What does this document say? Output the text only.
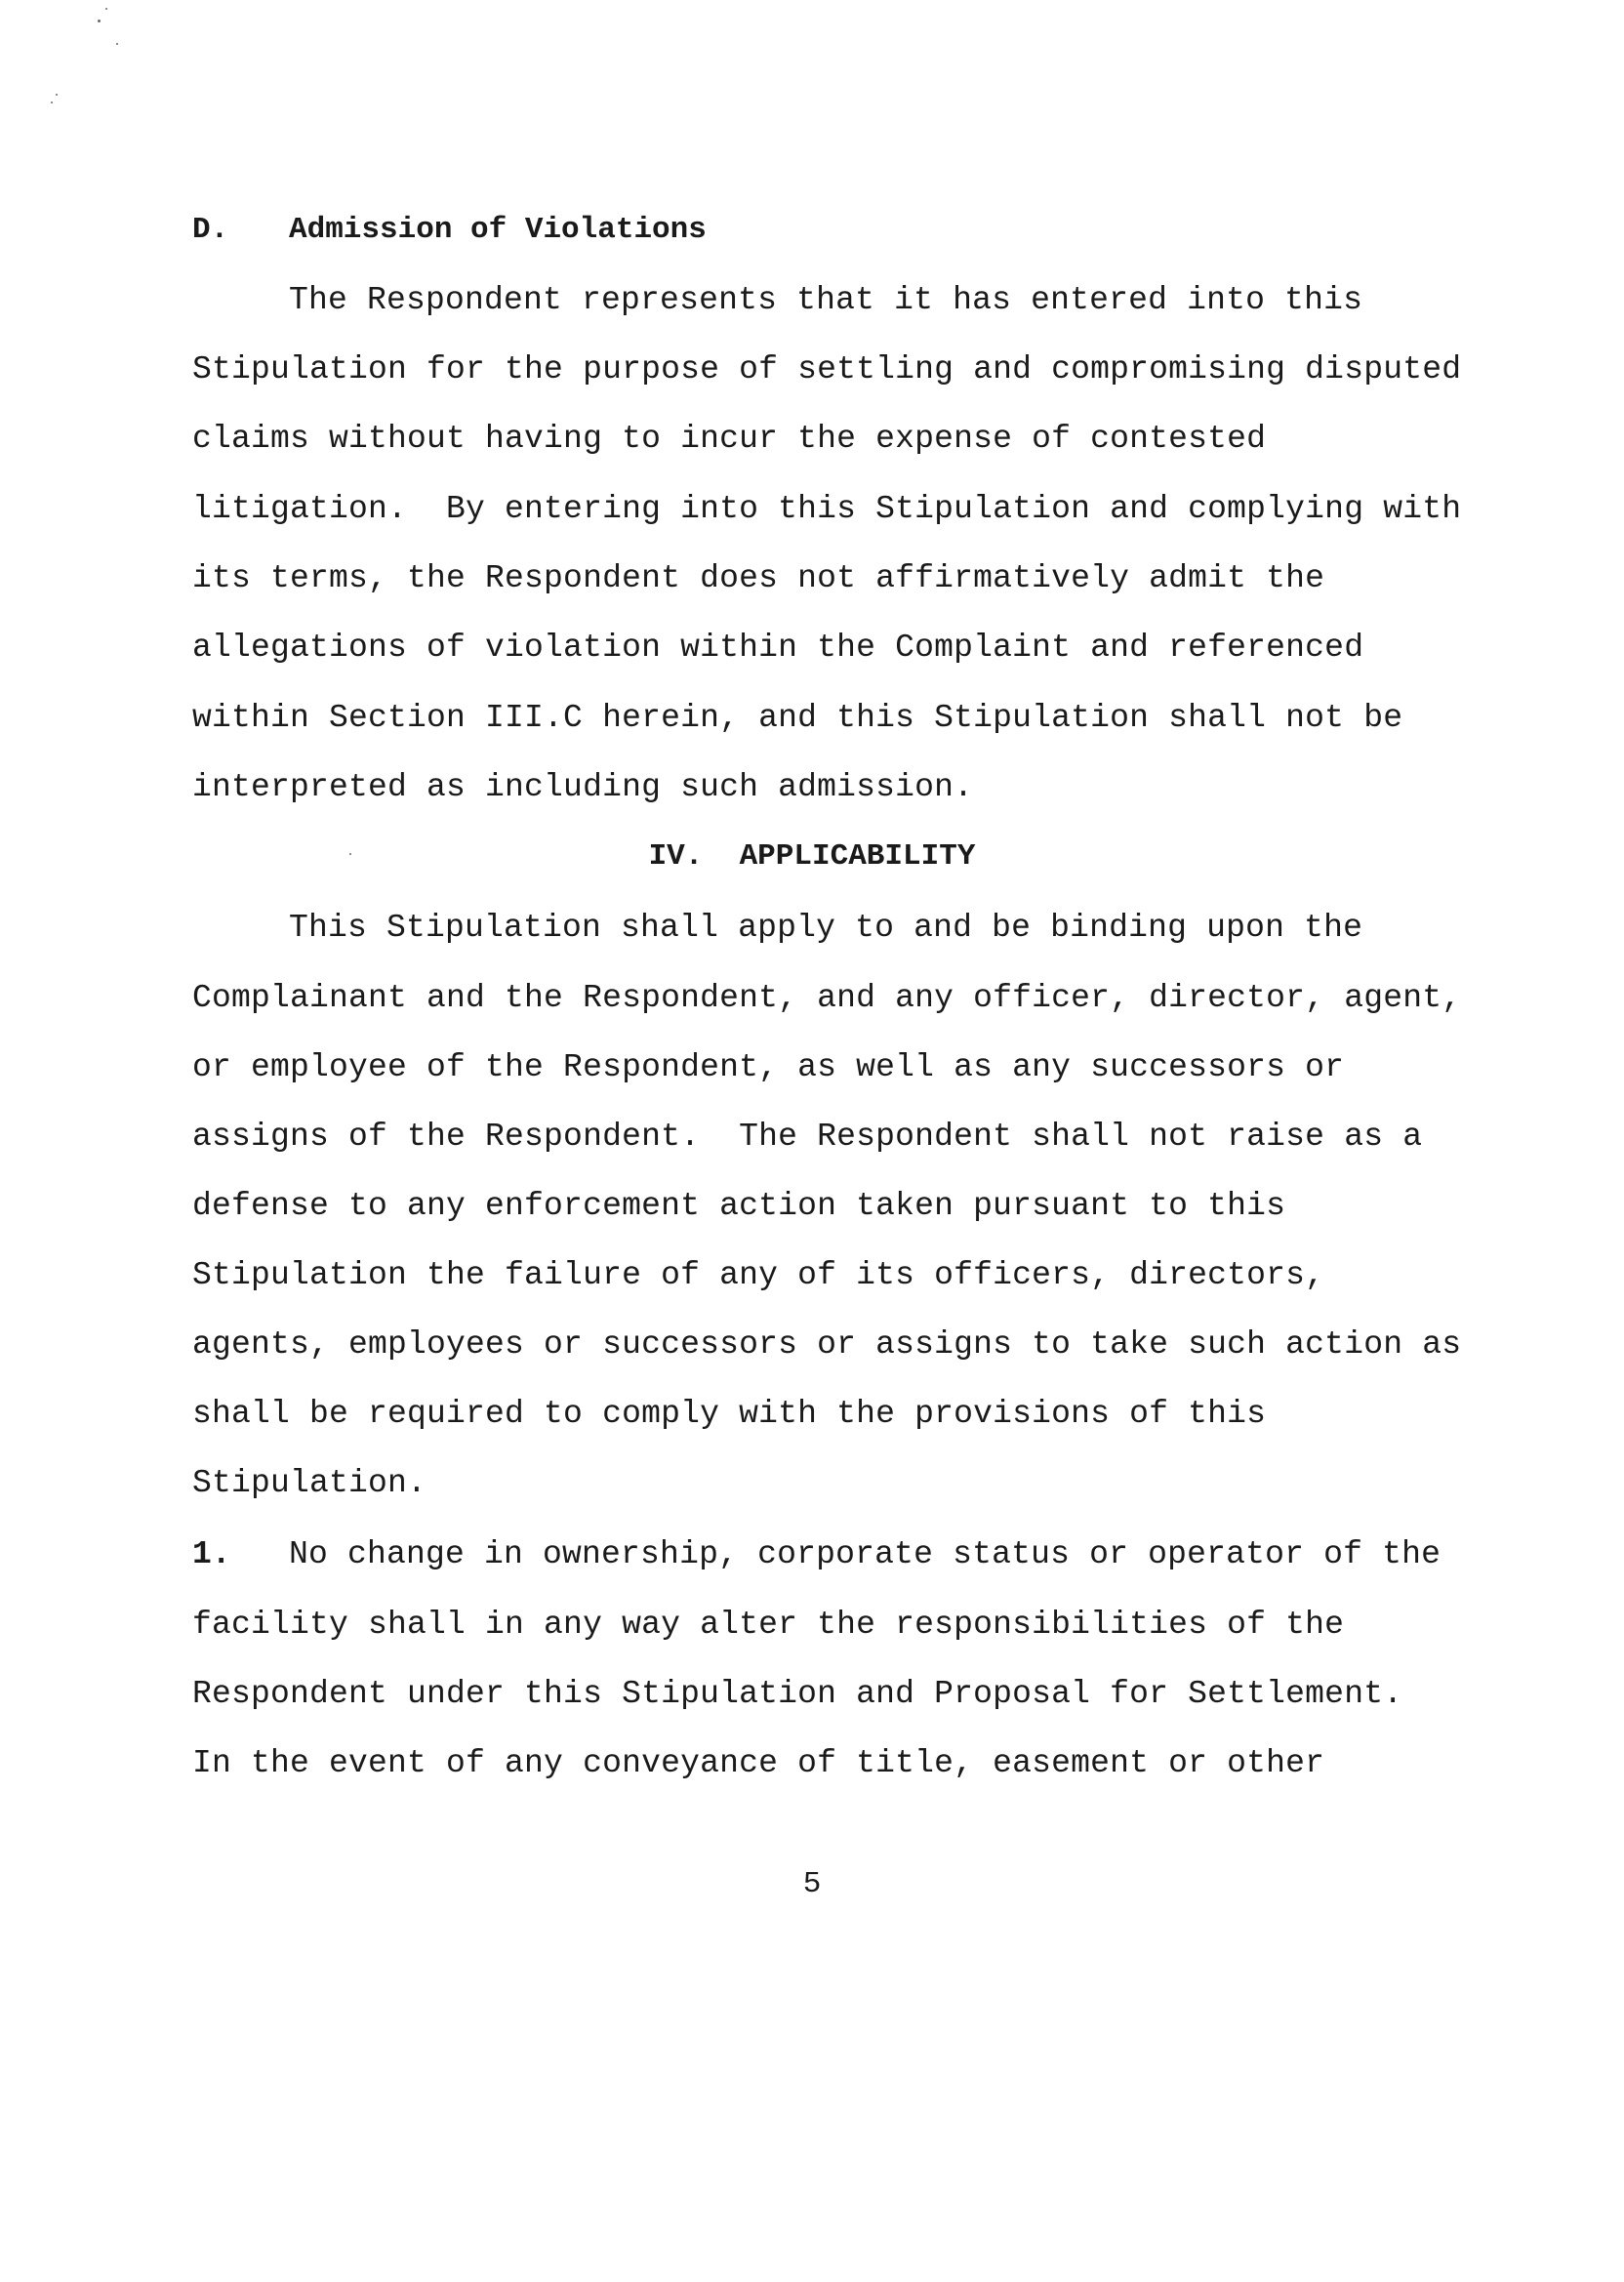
D. Admission of Violations
The Respondent represents that it has entered into this
Stipulation for the purpose of settling and compromising disputed
claims without having to incur the expense of contested
litigation.  By entering into this Stipulation and complying with
its terms, the Respondent does not affirmatively admit the
allegations of violation within the Complaint and referenced
within Section III.C herein, and this Stipulation shall not be
interpreted as including such admission.
IV.  APPLICABILITY
This Stipulation shall apply to and be binding upon the
Complainant and the Respondent, and any officer, director, agent,
or employee of the Respondent, as well as any successors or
assigns of the Respondent.  The Respondent shall not raise as a
defense to any enforcement action taken pursuant to this
Stipulation the failure of any of its officers, directors,
agents, employees or successors or assigns to take such action as
shall be required to comply with the provisions of this
Stipulation.
1. No change in ownership, corporate status or operator of the
facility shall in any way alter the responsibilities of the
Respondent under this Stipulation and Proposal for Settlement.
In the event of any conveyance of title, easement or other
5
